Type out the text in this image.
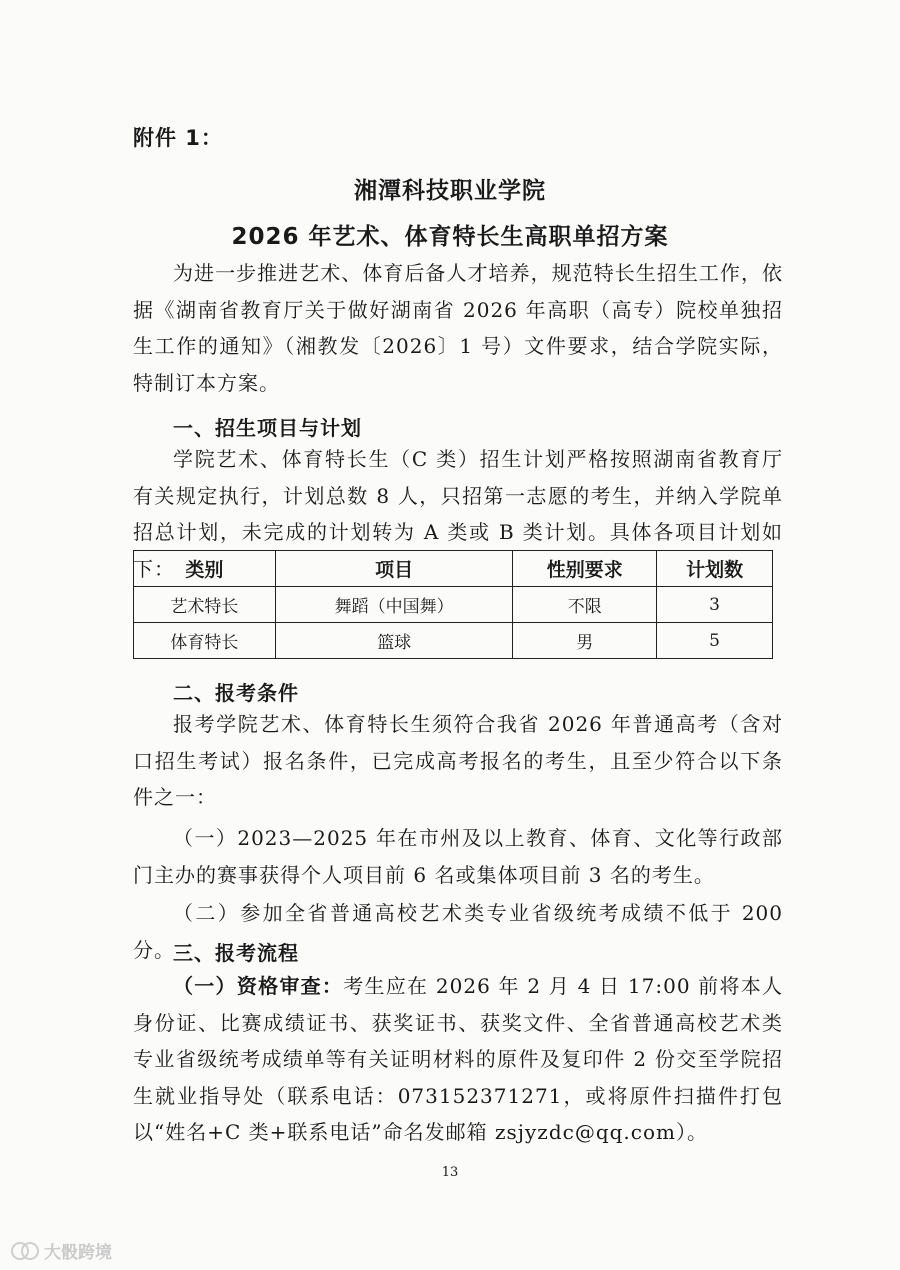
附件 1：
湘潭科技职业学院
2026 年艺术、体育特长生高职单招方案
为进一步推进艺术、体育后备人才培养，规范特长生招生工作，依据《湖南省教育厅关于做好湖南省 2026 年高职（高专）院校单独招生工作的通知》（湘教发〔2026〕1 号）文件要求，结合学院实际，特制订本方案。
一、招生项目与计划
学院艺术、体育特长生（C 类）招生计划严格按照湖南省教育厅有关规定执行，计划总数 8 人，只招第一志愿的考生，并纳入学院单招总计划，未完成的计划转为 A 类或 B 类计划。具体各项目计划如下： 类别	项目	性别要求	计划数
艺术特长	舞蹈（中国舞）	不限	3
体育特长	篮球	男	5
二、报考条件
报考学院艺术、体育特长生须符合我省 2026 年普通高考（含对口招生考试）报名条件，已完成高考报名的考生，且至少符合以下条件之一：
（一）2023—2025 年在市州及以上教育、体育、文化等行政部门主办的赛事获得个人项目前 6 名或集体项目前 3 名的考生。
（二）参加全省普通高校艺术类专业省级统考成绩不低于 200 分。
三、报考流程
（一）资格审查：考生应在 2026 年 2 月 4 日 17:00 前将本人身份证、比赛成绩证书、获奖证书、获奖文件、全省普通高校艺术类专业省级统考成绩单等有关证明材料的原件及复印件 2 份交至学院招生就业指导处（联系电话：073152371271，或将原件扫描件打包以“姓名+C 类+联系电话”命名发邮箱 zsjyzdc@qq.com）。
13
大骰跨境
